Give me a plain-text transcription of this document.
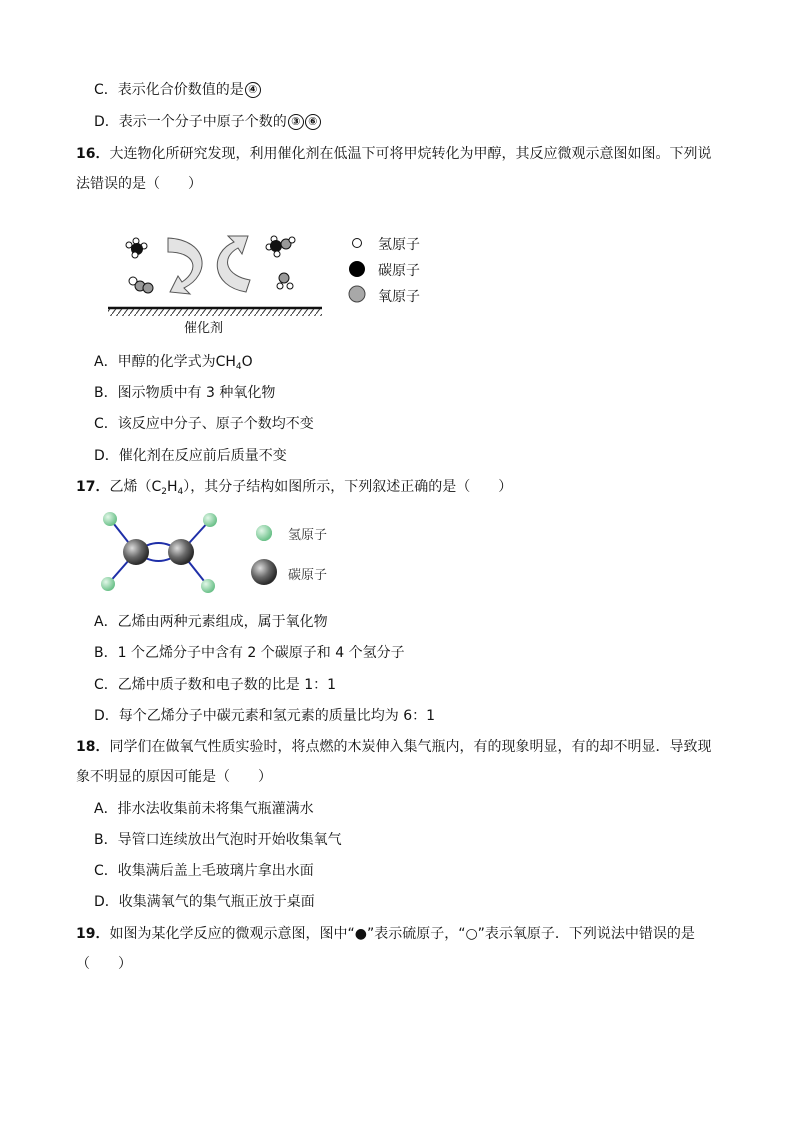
C．表示化合价数值的是 ④
D．表示一个分子中原子个数的 ③ ⑥
16．大连物化所研究发现，利用催化剂在低温下可将甲烷转化为甲醇，其反应微观示意图如图。下列说
法错误的是（　　）
催化剂
氢原子
碳原子
氧原子
A．甲醇的化学式为$CH_4O$
B．图示物质中有 3 种氧化物
C．该反应中分子、原子个数均不变
D．催化剂在反应前后质量不变
17．乙烯$(C_2H_4)$，其分子结构如图所示，下列叙述正确的是（　　）
氢原子
碳原子
A．乙烯由两种元素组成，属于氧化物
B．1 个乙烯分子中含有 2 个碳原子和 4 个氢分子
C．乙烯中质子数和电子数的比是 1：1
D．每个乙烯分子中碳元素和氢元素的质量比均为 6：1
18．同学们在做氧气性质实验时，将点燃的木炭伸入集气瓶内，有的现象明显，有的却不明显．导致现
象不明显的原因可能是（　　）
A．排水法收集前未将集气瓶灌满水
B．导管口连续放出气泡时开始收集氧气
C．收集满后盖上毛玻璃片拿出水面
D．收集满氧气的集气瓶正放于桌面
19．如图为某化学反应的微观示意图，图中“●”表示硫原子，“○”表示氧原子．下列说法中错误的是
（　　）
